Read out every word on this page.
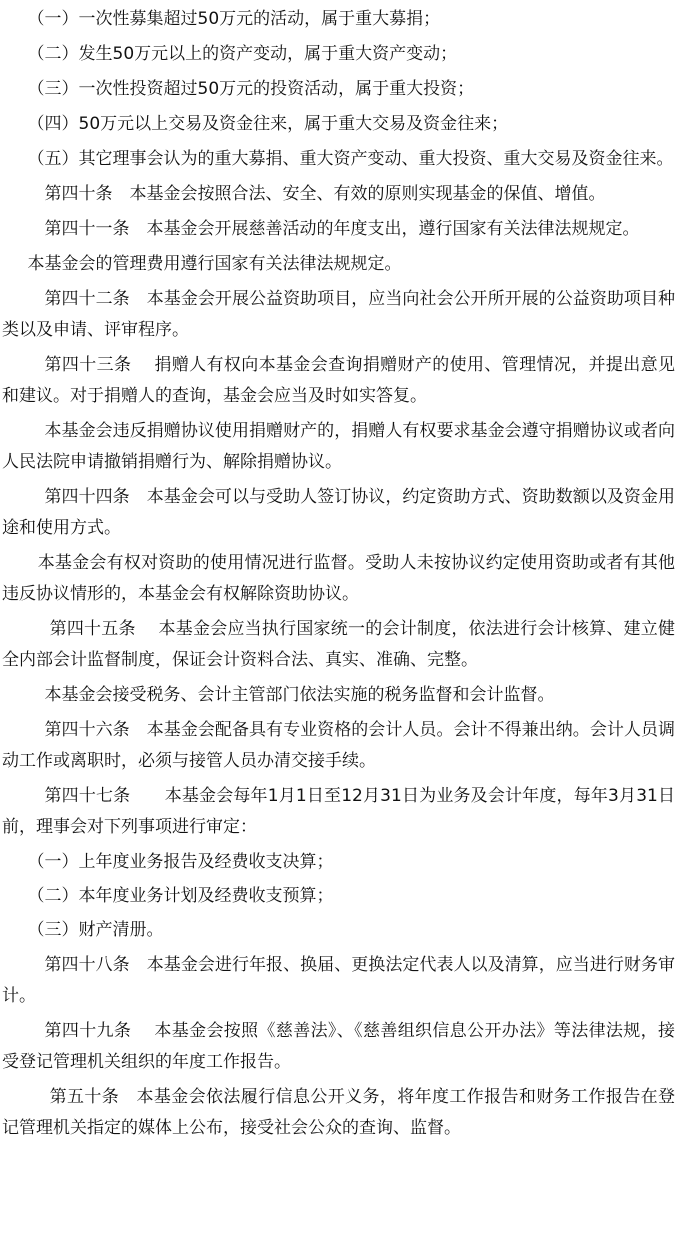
（一）一次性募集超过50万元的活动，属于重大募捐；

（二）发生50万元以上的资产变动，属于重大资产变动；

（三）一次性投资超过50万元的投资活动，属于重大投资；

（四）50万元以上交易及资金往来，属于重大交易及资金往来；

（五）其它理事会认为的重大募捐、重大资产变动、重大投资、重大交易及资金往来。

第四十条　本基金会按照合法、安全、有效的原则实现基金的保值、增值。

第四十一条　本基金会开展慈善活动的年度支出，遵行国家有关法律法规规定。

本基金会的管理费用遵行国家有关法律法规规定。

第四十二条　本基金会开展公益资助项目，应当向社会公开所开展的公益资助项目种类以及申请、评审程序。

第四十三条　 捐赠人有权向本基金会查询捐赠财产的使用、管理情况，并提出意见和建议。对于捐赠人的查询，基金会应当及时如实答复。

本基金会违反捐赠协议使用捐赠财产的，捐赠人有权要求基金会遵守捐赠协议或者向人民法院申请撤销捐赠行为、解除捐赠协议。

第四十四条　本基金会可以与受助人签订协议，约定资助方式、资助数额以及资金用途和使用方式。

本基金会有权对资助的使用情况进行监督。受助人未按协议约定使用资助或者有其他违反协议情形的，本基金会有权解除资助协议。

第四十五条　 本基金会应当执行国家统一的会计制度，依法进行会计核算、建立健全内部会计监督制度，保证会计资料合法、真实、准确、完整。

本基金会接受税务、会计主管部门依法实施的税务监督和会计监督。

第四十六条　本基金会配备具有专业资格的会计人员。会计不得兼出纳。会计人员调动工作或离职时，必须与接管人员办清交接手续。

第四十七条　　本基金会每年1月1日至12月31日为业务及会计年度，每年3月31日前，理事会对下列事项进行审定：

（一）上年度业务报告及经费收支决算；

（二）本年度业务计划及经费收支预算；

（三）财产清册。

第四十八条　本基金会进行年报、换届、更换法定代表人以及清算，应当进行财务审计。

第四十九条　 本基金会按照《慈善法》、《慈善组织信息公开办法》等法律法规，接受登记管理机关组织的年度工作报告。

第五十条　本基金会依法履行信息公开义务，将年度工作报告和财务工作报告在登记管理机关指定的媒体上公布，接受社会公众的查询、监督。
